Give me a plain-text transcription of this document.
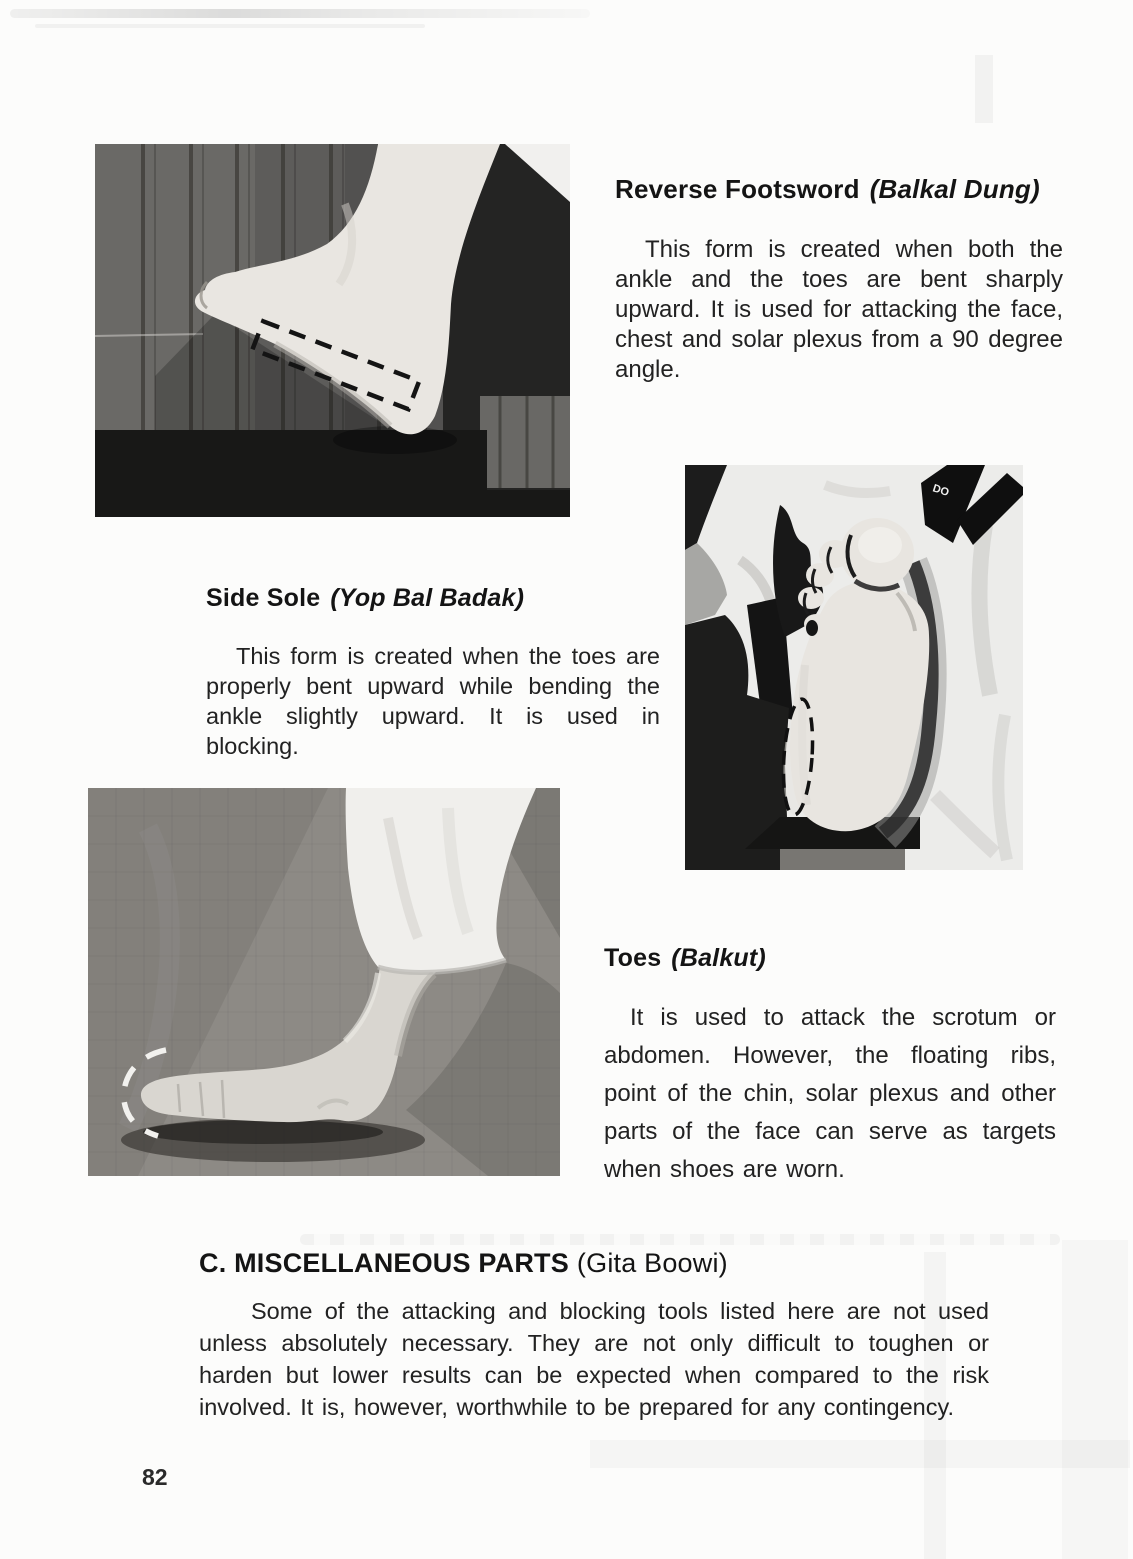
DO
Reverse Footsword (Balkal Dung)

This form is created when both the ankle and the toes are bent sharply upward. It is used for attacking the face, chest and solar plexus from a 90 degree angle.

Side Sole (Yop Bal Badak)

This form is created when the toes are properly bent upward while bending the ankle slightly upward. It is used in blocking.

Toes (Balkut)

It is used to attack the scrotum or abdomen. However, the floating ribs, point of the chin, solar plexus and other parts of the face can serve as targets when shoes are worn.

C. MISCELLANEOUS PARTS (Gita Boowi)

Some of the attacking and blocking tools listed here are not used unless absolutely necessary. They are not only difficult to toughen or harden but lower results can be expected when compared to the risk involved. It is, however, worthwhile to be prepared for any contingency.

82
